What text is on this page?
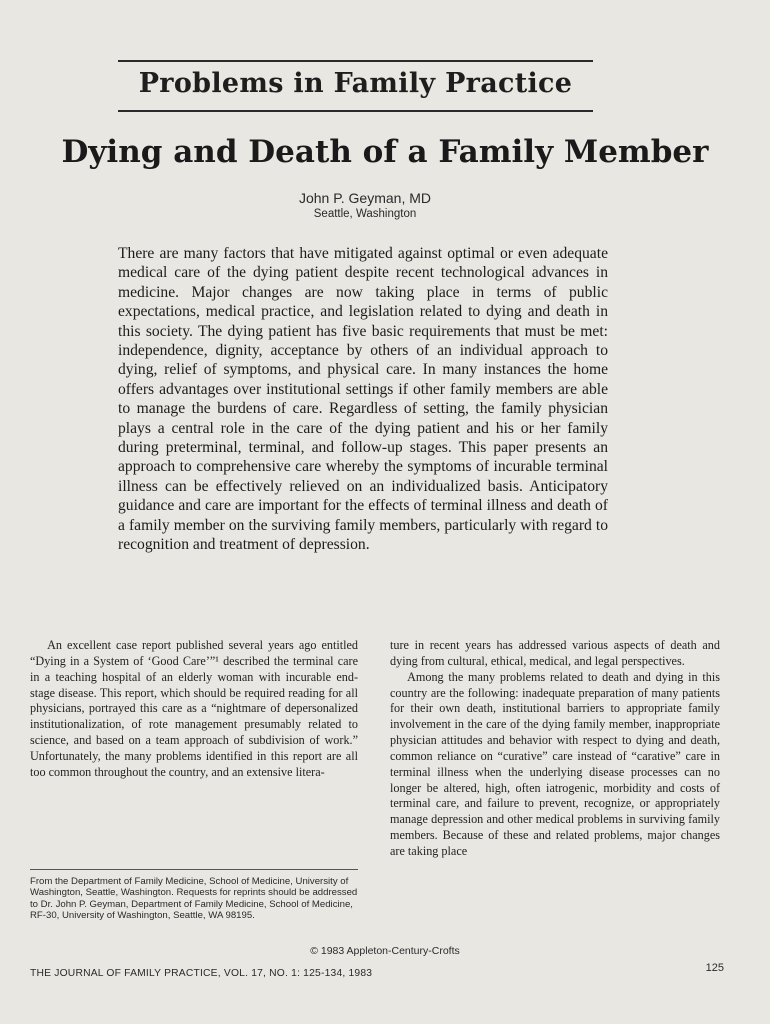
Problems in Family Practice
Dying and Death of a Family Member
John P. Geyman, MD
Seattle, Washington

There are many factors that have mitigated against optimal or even adequate medical care of the dying patient despite recent technological advances in medicine. Major changes are now taking place in terms of public expectations, medical practice, and legislation related to dying and death in this society. The dying patient has five basic requirements that must be met: independence, dignity, acceptance by others of an individual approach to dying, relief of symptoms, and physical care. In many instances the home offers advantages over institutional settings if other family members are able to manage the burdens of care. Regardless of setting, the family physician plays a central role in the care of the dying patient and his or her family during preterminal, terminal, and follow-up stages. This paper presents an approach to comprehensive care whereby the symptoms of incurable terminal illness can be effectively relieved on an individualized basis. Anticipatory guidance and care are important for the effects of terminal illness and death of a family member on the surviving family members, particularly with regard to recognition and treatment of depression.

An excellent case report published several years ago entitled “Dying in a System of ‘Good Care’”¹ described the terminal care in a teaching hospital of an elderly woman with incurable end-stage disease. This report, which should be required reading for all physicians, portrayed this care as a “nightmare of depersonalized institutionalization, of rote management presumably related to science, and based on a team approach of subdivision of work.” Unfortunately, the many problems identified in this report are all too common throughout the country, and an extensive litera-

ture in recent years has addressed various aspects of death and dying from cultural, ethical, medical, and legal perspectives.

Among the many problems related to death and dying in this country are the following: inadequate preparation of many patients for their own death, institutional barriers to appropriate family involvement in the care of the dying family member, inappropriate physician attitudes and behavior with respect to dying and death, common reliance on “curative” care instead of “carative” care in terminal illness when the underlying disease processes can no longer be altered, high, often iatrogenic, morbidity and costs of terminal care, and failure to prevent, recognize, or appropriately manage depression and other medical problems in surviving family members. Because of these and related problems, major changes are taking place

From the Department of Family Medicine, School of Medicine, University of Washington, Seattle, Washington. Requests for reprints should be addressed to Dr. John P. Geyman, Department of Family Medicine, School of Medicine, RF-30, University of Washington, Seattle, WA 98195.

© 1983 Appleton-Century-Crofts
THE JOURNAL OF FAMILY PRACTICE, VOL. 17, NO. 1: 125-134, 1983	125
